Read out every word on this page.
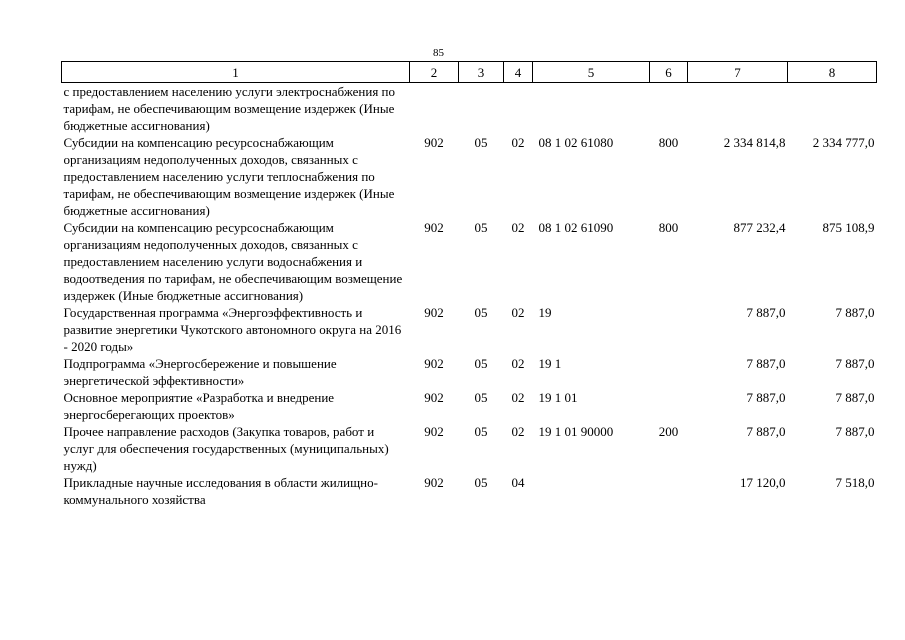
85
1	2	3	4	5	6	7	8
с предоставлением населению услуги электроснабжения по тарифам, не обеспечивающим возмещение издержек (Иные бюджетные ассигнования)							
Субсидии на компенсацию ресурсоснабжающим организациям недополученных доходов, связанных с предоставлением населению услуги теплоснабжения по тарифам, не обеспечивающим возмещение издержек (Иные бюджетные ассигнования)	902	05	02	08 1 02 61080	800	2 334 814,8	2 334 777,0
Субсидии на компенсацию ресурсоснабжающим организациям недополученных доходов, связанных с предоставлением населению услуги водоснабжения и водоотведения по тарифам, не обеспечивающим возмещение издержек (Иные бюджетные ассигнования)	902	05	02	08 1 02 61090	800	877 232,4	875 108,9
Государственная программа «Энергоэффективность и развитие энергетики Чукотского автономного округа на 2016 - 2020 годы»	902	05	02	19		7 887,0	7 887,0
Подпрограмма «Энергосбережение и повышение энергетической эффективности»	902	05	02	19 1		7 887,0	7 887,0
Основное мероприятие «Разработка и внедрение энергосберегающих проектов»	902	05	02	19 1 01		7 887,0	7 887,0
Прочее направление расходов (Закупка товаров, работ и услуг для обеспечения государственных (муниципальных) нужд)	902	05	02	19 1 01 90000	200	7 887,0	7 887,0
Прикладные научные исследования в области жилищно-коммунального хозяйства	902	05	04			17 120,0	7 518,0
